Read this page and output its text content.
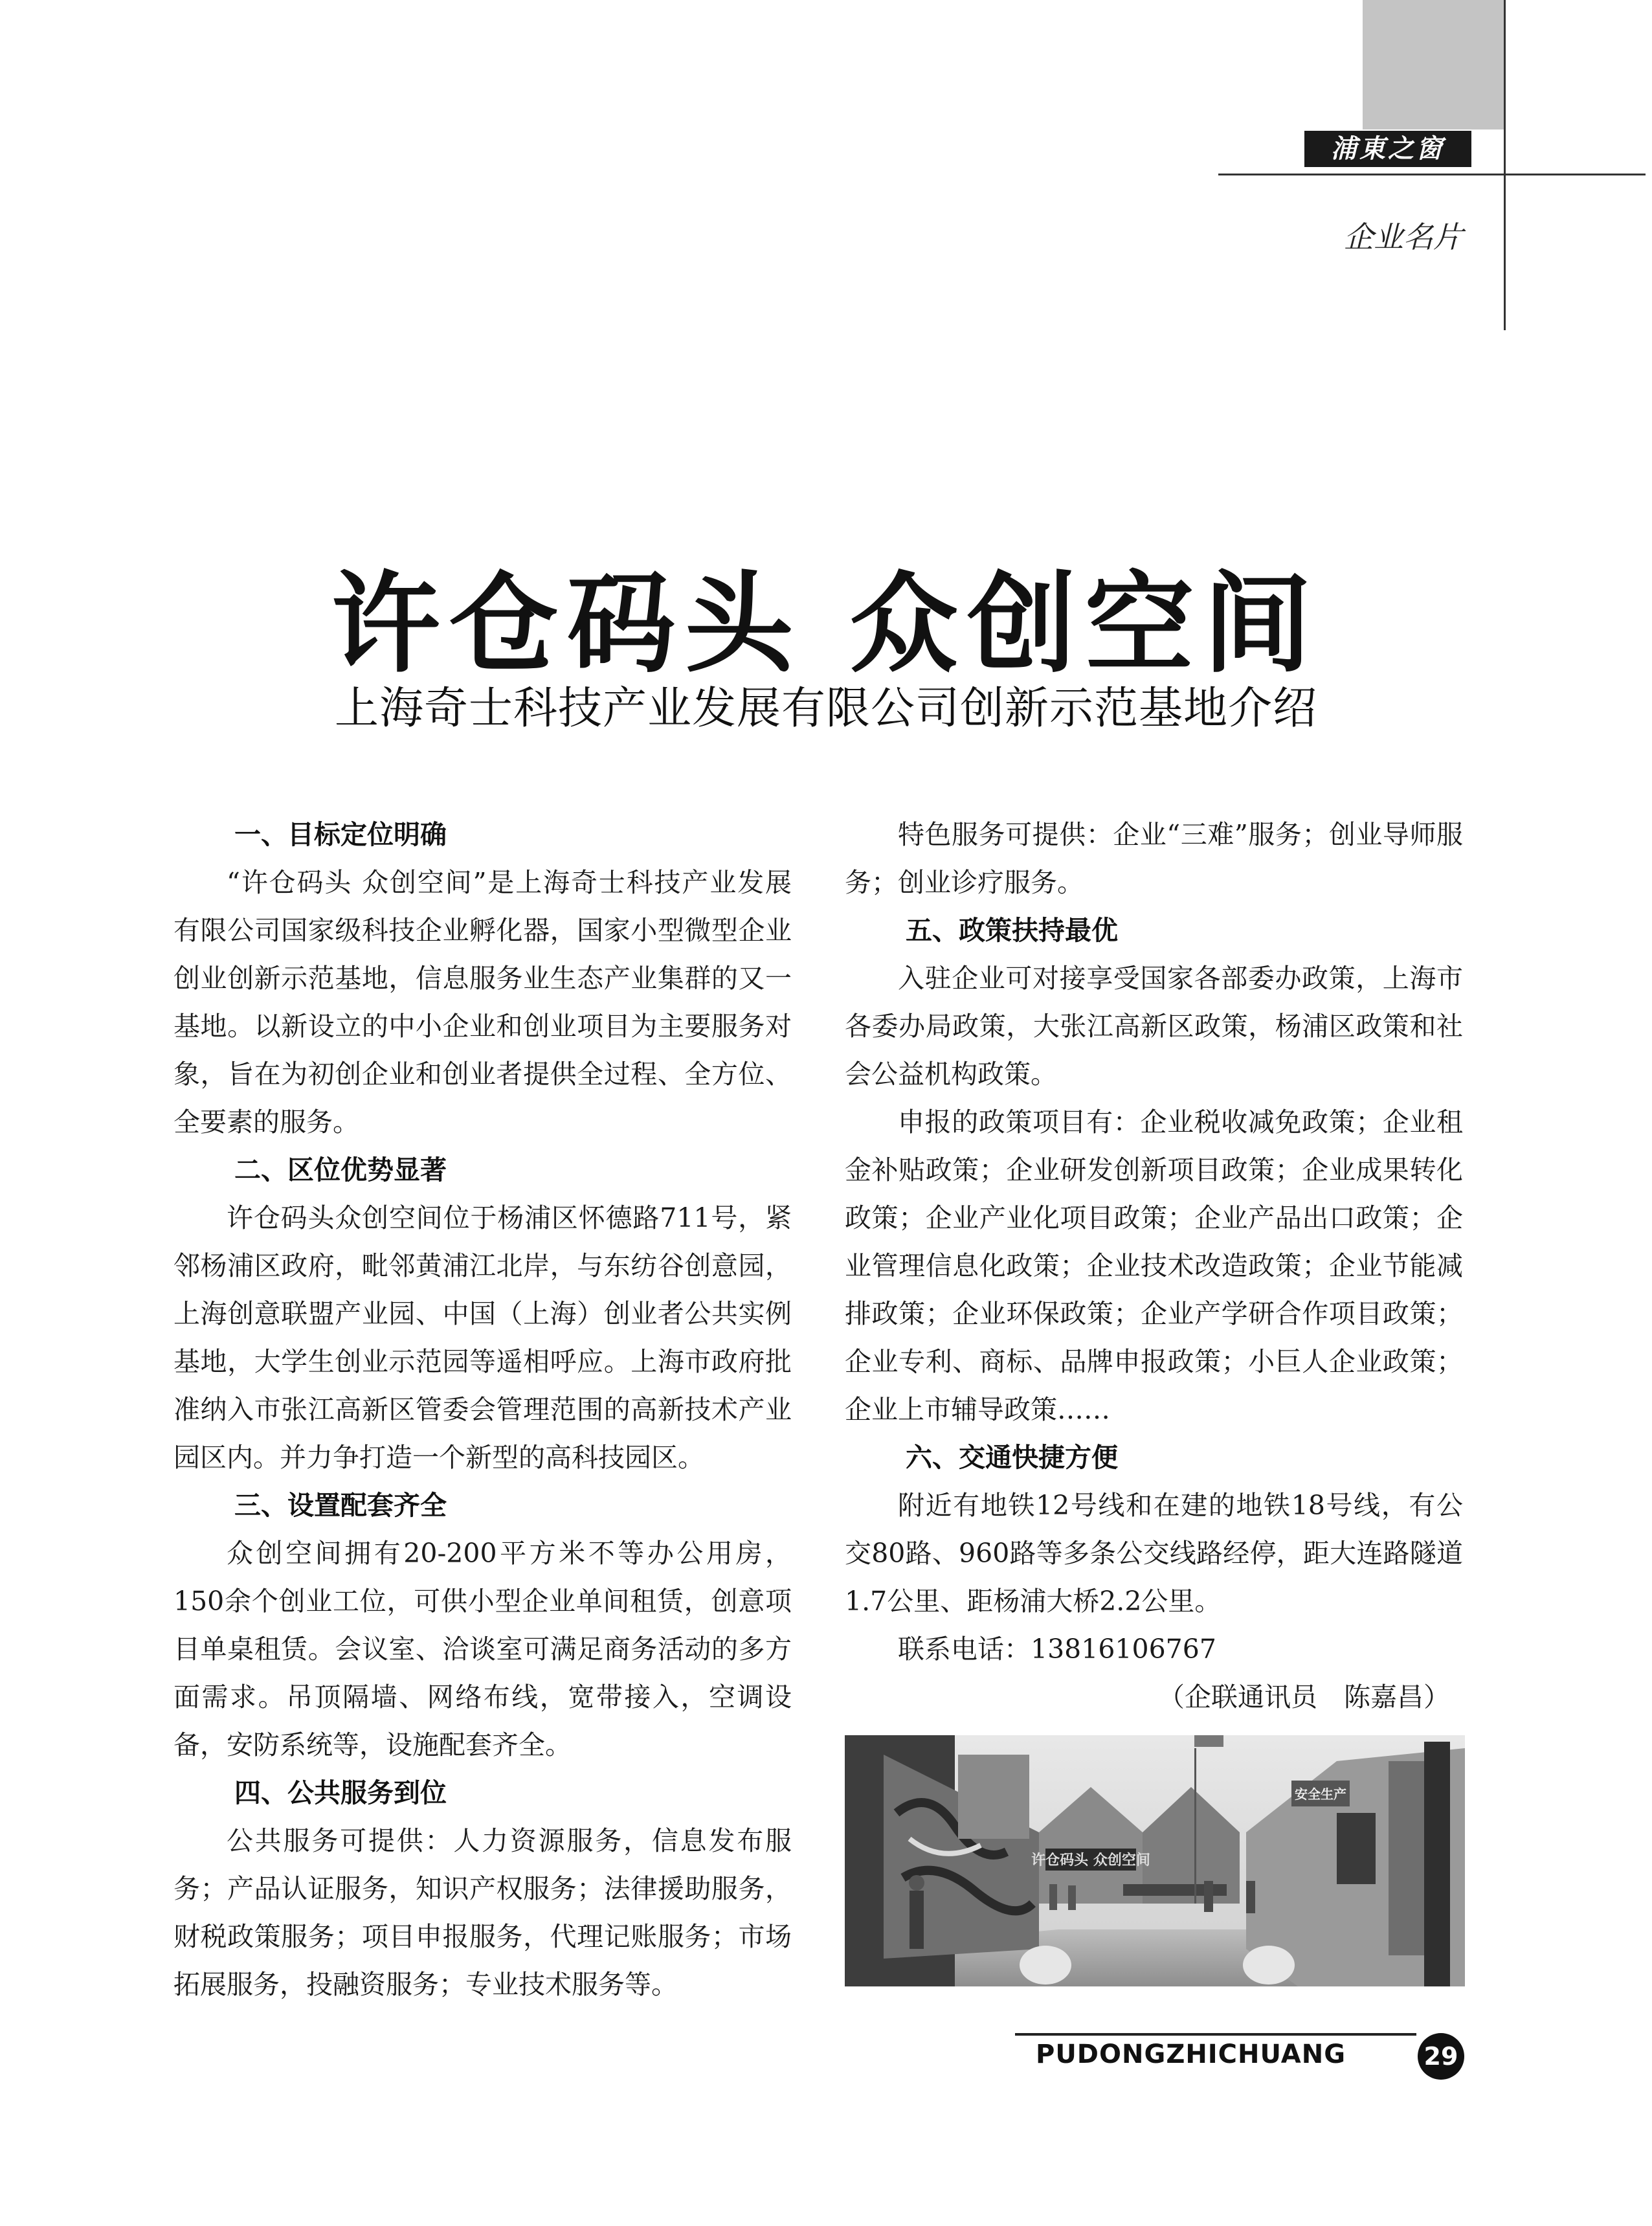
浦東之窗
企业名片
许仓码头 众创空间
上海奇士科技产业发展有限公司创新示范基地介绍
一、目标定位明确

“许仓码头 众创空间”是上海奇士科技产业发展有限公司国家级科技企业孵化器，国家小型微型企业创业创新示范基地，信息服务业生态产业集群的又一基地。以新设立的中小企业和创业项目为主要服务对象，旨在为初创企业和创业者提供全过程、全方位、全要素的服务。

二、区位优势显著

许仓码头众创空间位于杨浦区怀德路711号，紧邻杨浦区政府，毗邻黄浦江北岸，与东纺谷创意园，上海创意联盟产业园、中国（上海）创业者公共实例基地，大学生创业示范园等遥相呼应。上海市政府批准纳入市张江高新区管委会管理范围的高新技术产业园区内。并力争打造一个新型的高科技园区。

三、设置配套齐全

众创空间拥有20-200平方米不等办公用房，150余个创业工位，可供小型企业单间租赁，创意项目单桌租赁。会议室、洽谈室可满足商务活动的多方面需求。吊顶隔墙、网络布线，宽带接入，空调设备，安防系统等，设施配套齐全。

四、公共服务到位

公共服务可提供：人力资源服务，信息发布服务；产品认证服务，知识产权服务；法律援助服务，财税政策服务；项目申报服务，代理记账服务；市场拓展服务，投融资服务；专业技术服务等。

特色服务可提供：企业“三难”服务；创业导师服务；创业诊疗服务。

五、政策扶持最优

入驻企业可对接享受国家各部委办政策，上海市各委办局政策，大张江高新区政策，杨浦区政策和社会公益机构政策。

申报的政策项目有：企业税收减免政策；企业租金补贴政策；企业研发创新项目政策；企业成果转化政策；企业产业化项目政策；企业产品出口政策；企业管理信息化政策；企业技术改造政策；企业节能减排政策；企业环保政策；企业产学研合作项目政策；企业专利、商标、品牌申报政策；小巨人企业政策；企业上市辅导政策……

六、交通快捷方便

附近有地铁12号线和在建的地铁18号线，有公交80路、960路等多条公交线路经停，距大连路隧道1.7公里、距杨浦大桥2.2公里。

联系电话：13816106767

（企联通讯员　陈嘉昌）

许仓码头 众创空间
安全生产
PUDONGZHICHUANG	29
